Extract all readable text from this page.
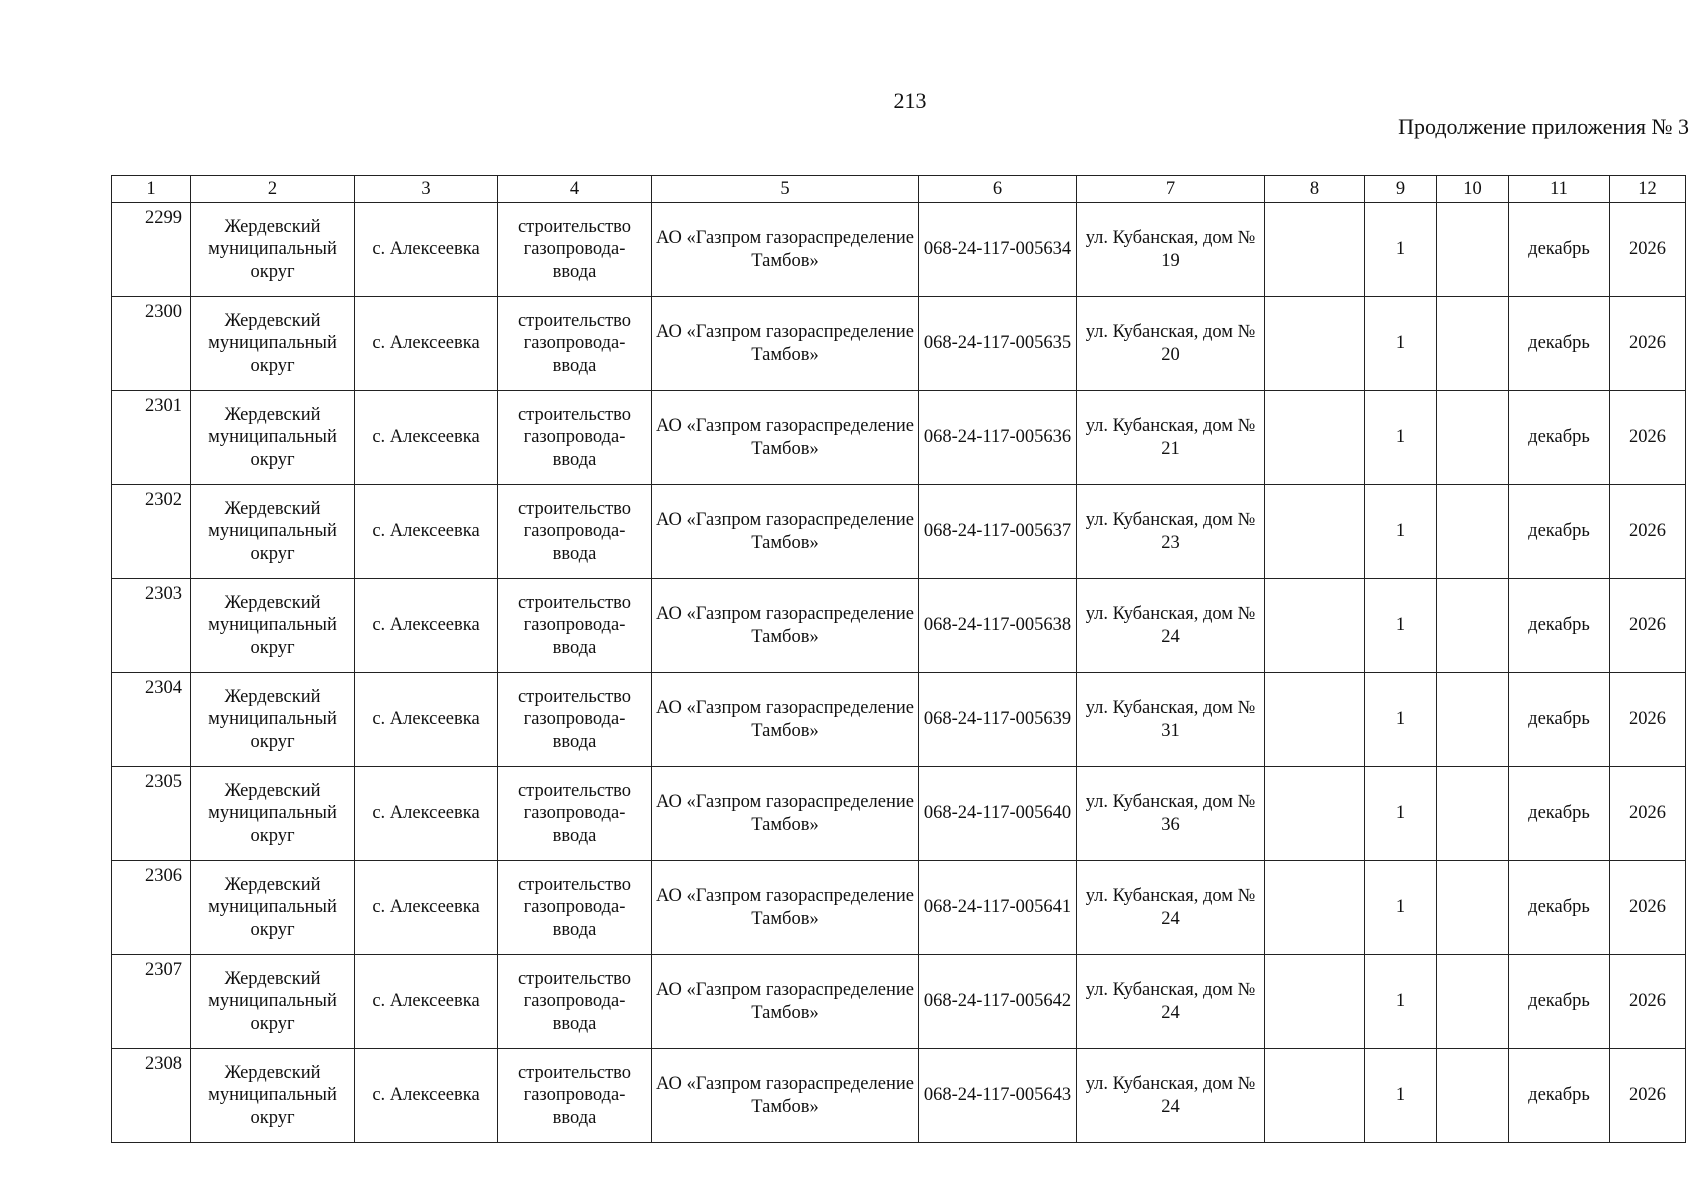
213
Продолжение приложения № 3
1	2	3	4	5	6	7	8	9	10	11	12
2299	Жердевский муниципальный округ	с. Алексеевка	строительство газопровода-ввода	АО «Газпром газораспределение Тамбов»	068-24-117-005634	ул. Кубанская, дом № 19		1		декабрь	2026
2300	Жердевский муниципальный округ	с. Алексеевка	строительство газопровода-ввода	АО «Газпром газораспределение Тамбов»	068-24-117-005635	ул. Кубанская, дом № 20		1		декабрь	2026
2301	Жердевский муниципальный округ	с. Алексеевка	строительство газопровода-ввода	АО «Газпром газораспределение Тамбов»	068-24-117-005636	ул. Кубанская, дом № 21		1		декабрь	2026
2302	Жердевский муниципальный округ	с. Алексеевка	строительство газопровода-ввода	АО «Газпром газораспределение Тамбов»	068-24-117-005637	ул. Кубанская, дом № 23		1		декабрь	2026
2303	Жердевский муниципальный округ	с. Алексеевка	строительство газопровода-ввода	АО «Газпром газораспределение Тамбов»	068-24-117-005638	ул. Кубанская, дом № 24		1		декабрь	2026
2304	Жердевский муниципальный округ	с. Алексеевка	строительство газопровода-ввода	АО «Газпром газораспределение Тамбов»	068-24-117-005639	ул. Кубанская, дом № 31		1		декабрь	2026
2305	Жердевский муниципальный округ	с. Алексеевка	строительство газопровода-ввода	АО «Газпром газораспределение Тамбов»	068-24-117-005640	ул. Кубанская, дом № 36		1		декабрь	2026
2306	Жердевский муниципальный округ	с. Алексеевка	строительство газопровода-ввода	АО «Газпром газораспределение Тамбов»	068-24-117-005641	ул. Кубанская, дом № 24		1		декабрь	2026
2307	Жердевский муниципальный округ	с. Алексеевка	строительство газопровода-ввода	АО «Газпром газораспределение Тамбов»	068-24-117-005642	ул. Кубанская, дом № 24		1		декабрь	2026
2308	Жердевский муниципальный округ	с. Алексеевка	строительство газопровода-ввода	АО «Газпром газораспределение Тамбов»	068-24-117-005643	ул. Кубанская, дом № 24		1		декабрь	2026
